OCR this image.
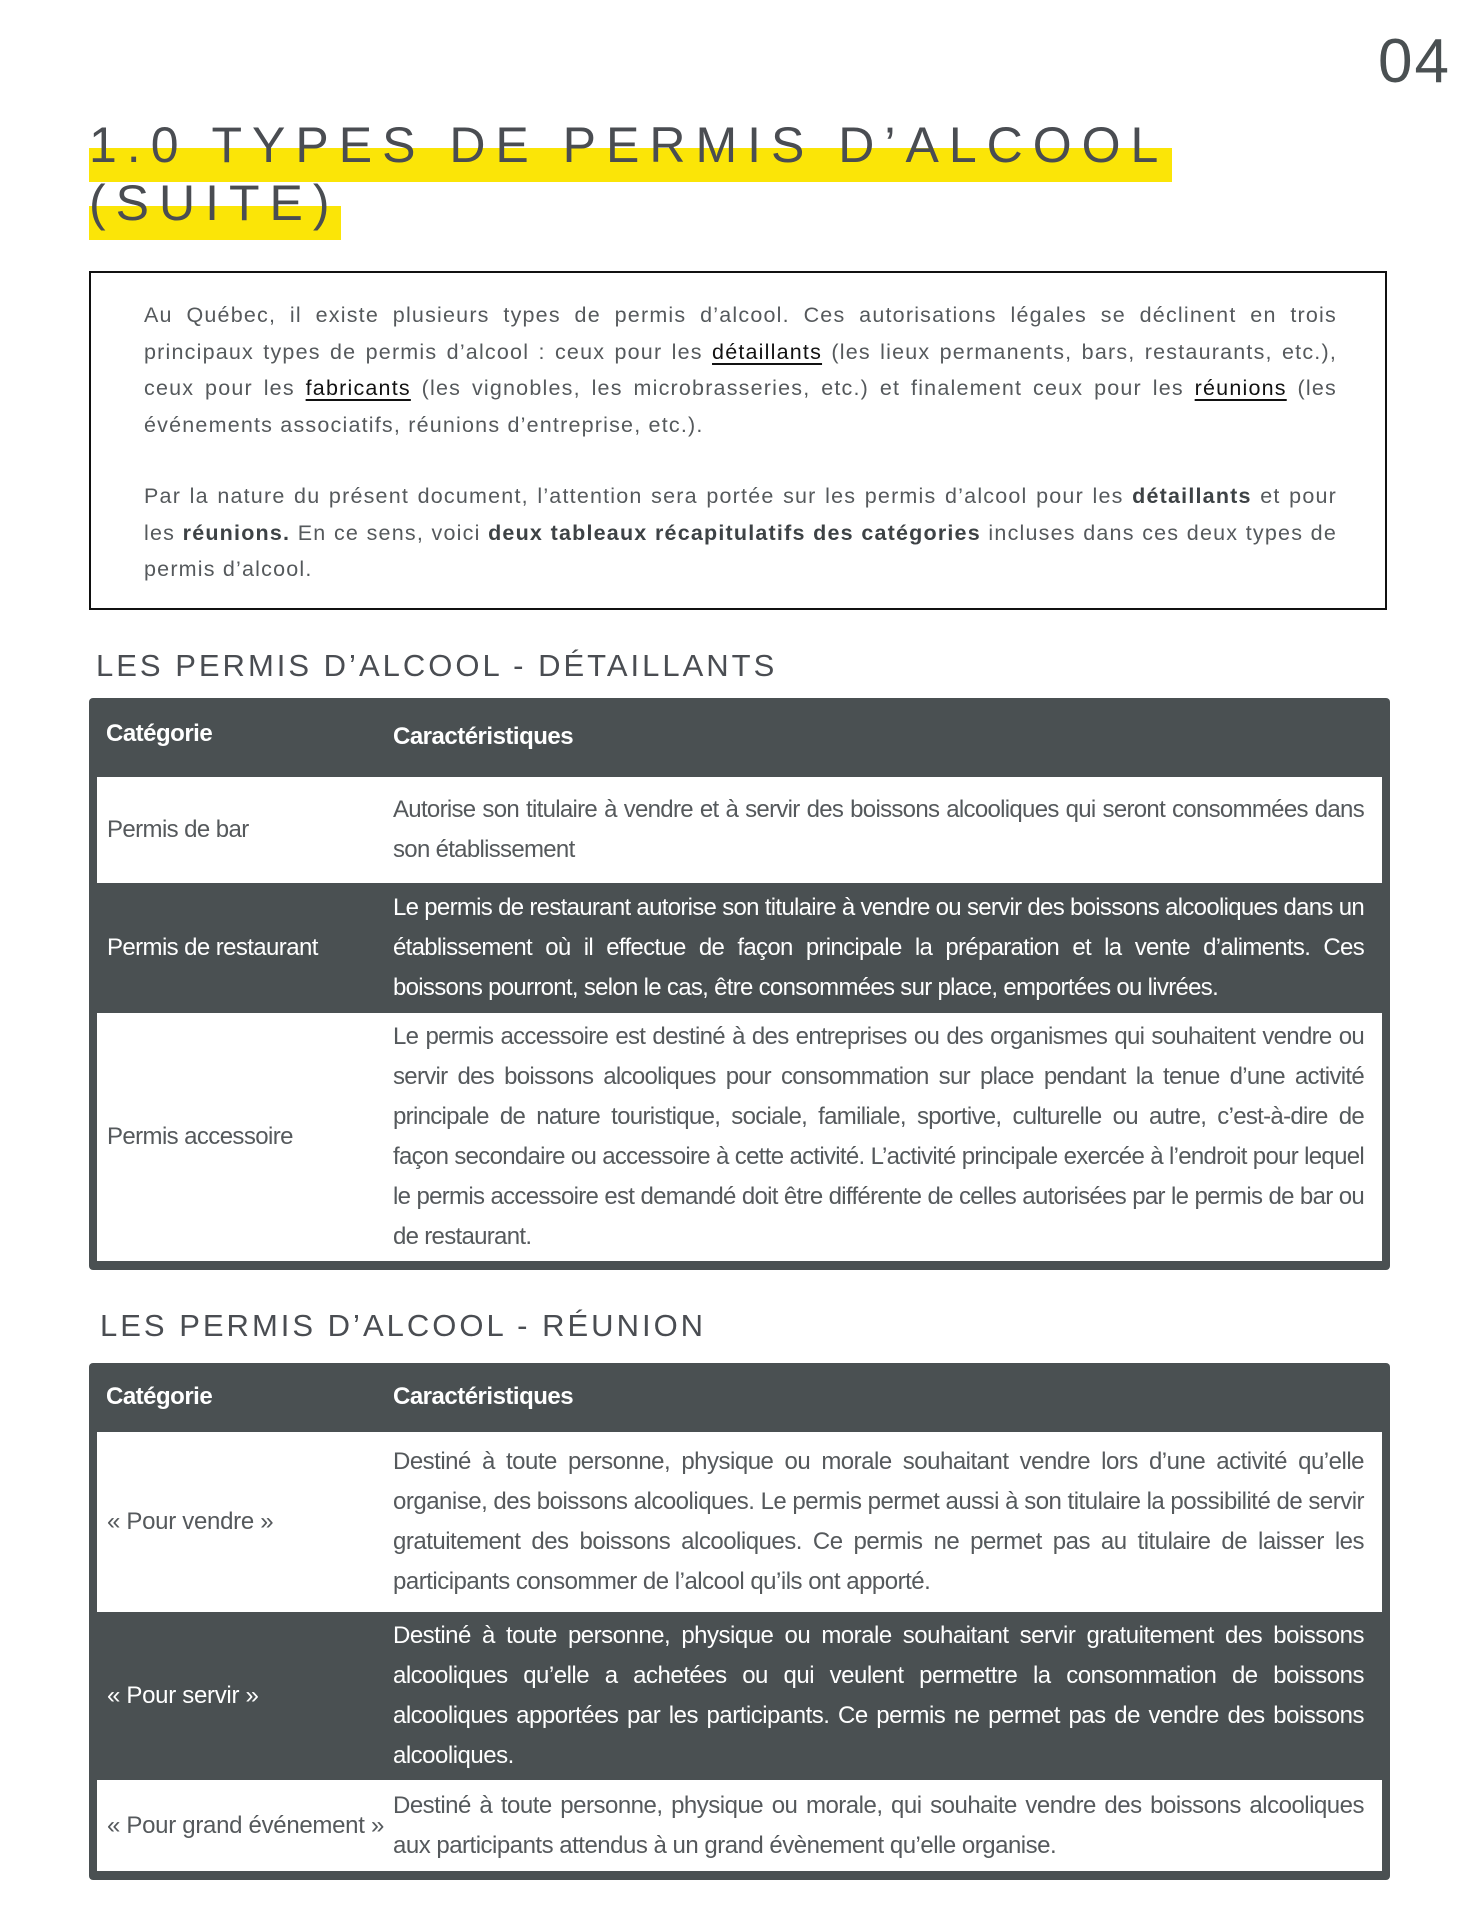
04
1.0 TYPES DE PERMIS D’ALCOOL

(SUITE)

Au Québec, il existe plusieurs types de permis d’alcool. Ces autorisations légales se déclinent en trois principaux types de permis d’alcool : ceux pour les détaillants (les lieux permanents, bars, restaurants, etc.), ceux pour les fabricants (les vignobles, les microbrasseries, etc.) et finalement ceux pour les réunions (les événements associatifs, réunions d’entreprise, etc.).

Par la nature du présent document, l’attention sera portée sur les permis d’alcool pour les détaillants et pour les réunions. En ce sens, voici deux tableaux récapitulatifs des catégories incluses dans ces deux types de permis d’alcool.

LES PERMIS D’ALCOOL - DÉTAILLANTS
Catégorie	Caractéristiques
Permis de bar
Autorise son titulaire à vendre et à servir des boissons alcooliques qui seront consommées dans son établissement
Permis de restaurant
Le permis de restaurant autorise son titulaire à vendre ou servir des boissons alcooliques dans un établissement où il effectue de façon principale la préparation et la vente d’aliments. Ces boissons pourront, selon le cas, être consommées sur place, emportées ou livrées.
Permis accessoire
Le permis accessoire est destiné à des entreprises ou des organismes qui souhaitent vendre ou servir des boissons alcooliques pour consommation sur place pendant la tenue d’une activité principale de nature touristique, sociale, familiale, sportive, culturelle ou autre, c’est-à-dire de façon secondaire ou accessoire à cette activité. L’activité principale exercée à l’endroit pour lequel le permis accessoire est demandé doit être différente de celles autorisées par le permis de bar ou de restaurant.
LES PERMIS D’ALCOOL - RÉUNION
Catégorie	Caractéristiques
« Pour vendre »
Destiné à toute personne, physique ou morale souhaitant vendre lors d’une activité qu’elle organise, des boissons alcooliques. Le permis permet aussi à son titulaire la possibilité de servir gratuitement des boissons alcooliques. Ce permis ne permet pas au titulaire de laisser les participants consommer de l’alcool qu’ils ont apporté.
« Pour servir »
Destiné à toute personne, physique ou morale souhaitant servir gratuitement des boissons alcooliques qu’elle a achetées ou qui veulent permettre la consommation de boissons alcooliques apportées par les participants. Ce permis ne permet pas de vendre des boissons alcooliques.
« Pour grand événement »
Destiné à toute personne, physique ou morale, qui souhaite vendre des boissons alcooliques aux participants attendus à un grand évènement qu’elle organise.
